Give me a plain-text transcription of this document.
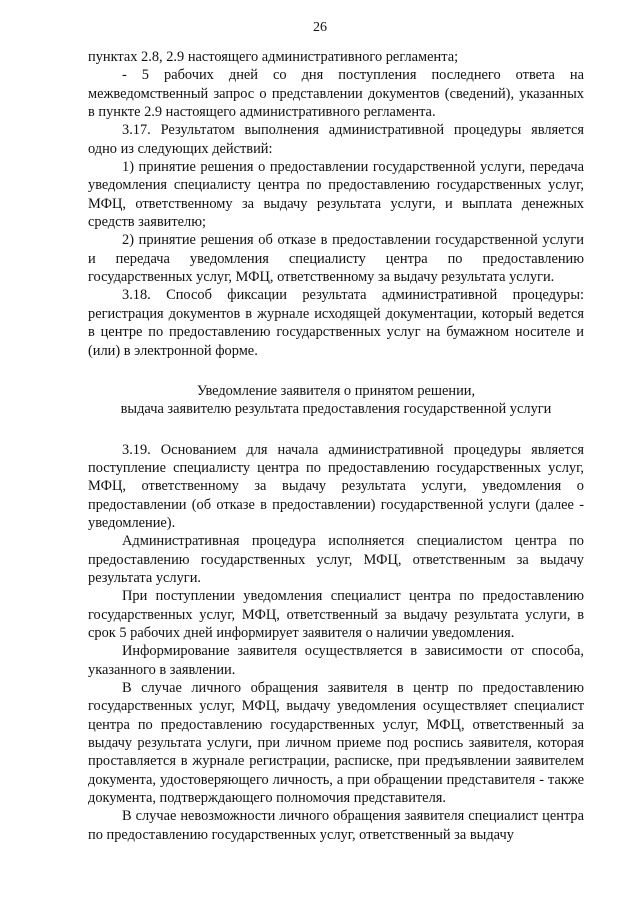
26

пунктах 2.8, 2.9 настоящего административного регламента;

- 5 рабочих дней со дня поступления последнего ответа на межведомственный запрос о представлении документов (сведений), указанных в пункте 2.9 настоящего административного регламента.

3.17. Результатом выполнения административной процедуры является одно из следующих действий:

1) принятие решения о предоставлении государственной услуги, передача уведомления специалисту центра по предоставлению государственных услуг, МФЦ, ответственному за выдачу результата услуги, и выплата денежных средств заявителю;

2) принятие решения об отказе в предоставлении государственной услуги и передача уведомления специалисту центра по предоставлению государственных услуг, МФЦ, ответственному за выдачу результата услуги.

3.18. Способ фиксации результата административной процедуры: регистрация документов в журнале исходящей документации, который ведется в центре по предоставлению государственных услуг на бумажном носителе и (или) в электронной форме.

Уведомление заявителя о принятом решении,
выдача заявителю результата предоставления государственной услуги

3.19. Основанием для начала административной процедуры является поступление специалисту центра по предоставлению государственных услуг, МФЦ, ответственному за выдачу результата услуги, уведомления о предоставлении (об отказе в предоставлении) государственной услуги (далее - уведомление).

Административная процедура исполняется специалистом центра по предоставлению государственных услуг, МФЦ, ответственным за выдачу результата услуги.

При поступлении уведомления специалист центра по предоставлению государственных услуг, МФЦ, ответственный за выдачу результата услуги, в срок 5 рабочих дней информирует заявителя о наличии уведомления.

Информирование заявителя осуществляется в зависимости от способа, указанного в заявлении.

В случае личного обращения заявителя в центр по предоставлению государственных услуг, МФЦ, выдачу уведомления осуществляет специалист центра по предоставлению государственных услуг, МФЦ, ответственный за выдачу результата услуги, при личном приеме под роспись заявителя, которая проставляется в журнале регистрации, расписке, при предъявлении заявителем документа, удостоверяющего личность, а при обращении представителя - также документа, подтверждающего полномочия представителя.

В случае невозможности личного обращения заявителя специалист центра по предоставлению государственных услуг, ответственный за выдачу
